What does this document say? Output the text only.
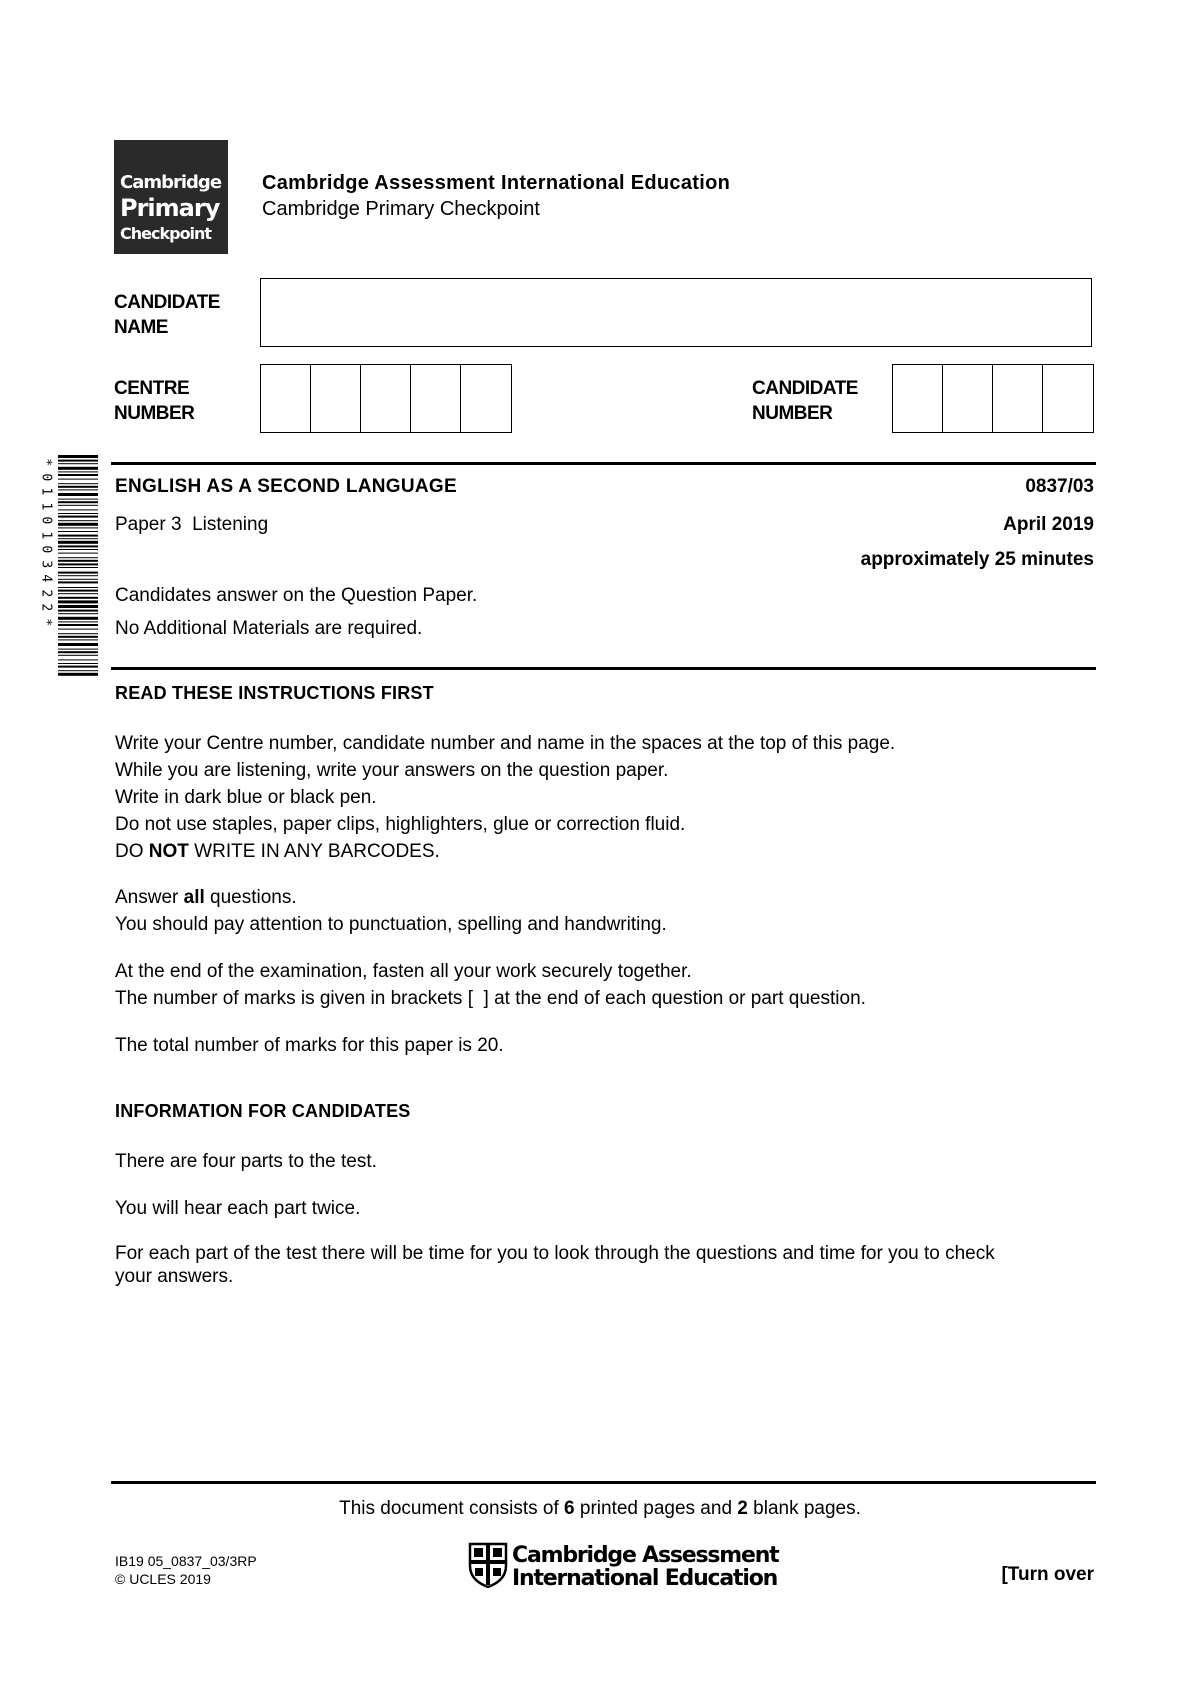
Cambridge
Primary
Checkpoint
Cambridge Assessment International Education
Cambridge Primary Checkpoint
CANDIDATE
NAME
CENTRE
NUMBER
CANDIDATE
NUMBER
*
0
1
1
0
1
0
3
4
2
2
*
ENGLISH AS A SECOND LANGUAGE	0837/03
Paper 3  Listening	April 2019
approximately 25 minutes
Candidates answer on the Question Paper.
No Additional Materials are required.
READ THESE INSTRUCTIONS FIRST
Write your Centre number, candidate number and name in the spaces at the top of this page.
While you are listening, write your answers on the question paper.
Write in dark blue or black pen.
Do not use staples, paper clips, highlighters, glue or correction fluid.
DO NOT WRITE IN ANY BARCODES.
Answer all questions.
You should pay attention to punctuation, spelling and handwriting.
At the end of the examination, fasten all your work securely together.
The number of marks is given in brackets [  ] at the end of each question or part question.
The total number of marks for this paper is 20.
INFORMATION FOR CANDIDATES
There are four parts to the test.
You will hear each part twice.
For each part of the test there will be time for you to look through the questions and time for you to check
your answers.
This document consists of 6 printed pages and 2 blank pages.
IB19 05_0837_03/3RP
© UCLES 2019
Cambridge Assessment
International Education	[Turn over
